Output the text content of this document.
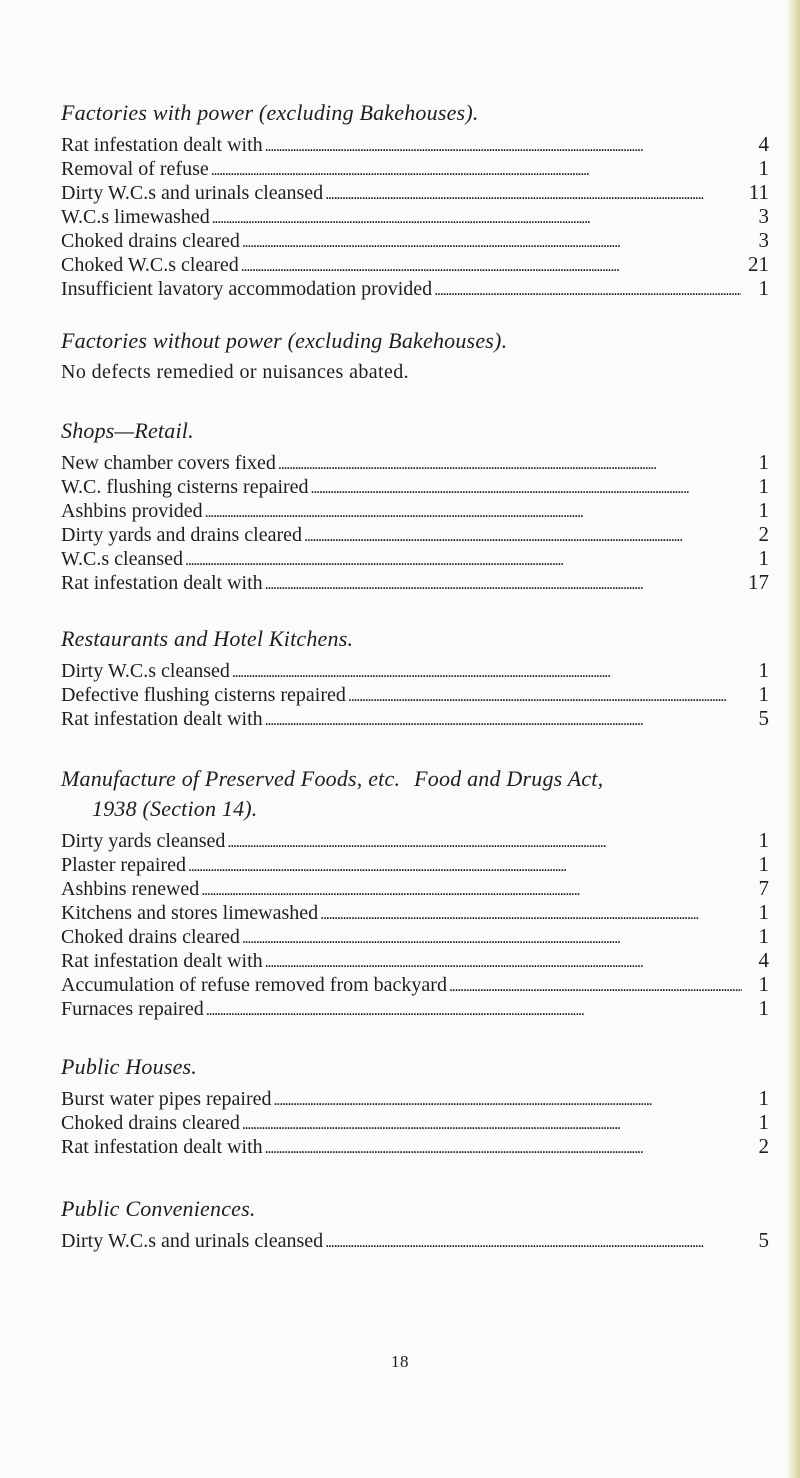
Factories with power (excluding Bakehouses).
Rat infestation dealt with . . .	4
Removal of refuse . . .	1
Dirty W.C.s and urinals cleansed . . .	11
W.C.s limewashed . . .	3
Choked drains cleared . . .	3
Choked W.C.s cleared . . .	21
Insufficient lavatory accommodation provided . . .	1
Factories without power (excluding Bakehouses).
No defects remedied or nuisances abated.
Shops—Retail.
New chamber covers fixed . . .	1
W.C. flushing cisterns repaired . . .	1
Ashbins provided . . .	1
Dirty yards and drains cleared . . .	2
W.C.s cleansed . . .	1
Rat infestation dealt with . . .	17
Restaurants and Hotel Kitchens.
Dirty W.C.s cleansed . . .	1
Defective flushing cisterns repaired . . .	1
Rat infestation dealt with . . .	5
Manufacture of Preserved Foods, etc. Food and Drugs Act,
1938 (Section 14).
Dirty yards cleansed . . .	1
Plaster repaired . . .	1
Ashbins renewed . . .	7
Kitchens and stores limewashed . . .	1
Choked drains cleared . . .	1
Rat infestation dealt with . . .	4
Accumulation of refuse removed from backyard . . .	1
Furnaces repaired . . .	1
Public Houses.
Burst water pipes repaired . . .	1
Choked drains cleared . . .	1
Rat infestation dealt with . . .	2
Public Conveniences.
Dirty W.C.s and urinals cleansed . . .	5
18
